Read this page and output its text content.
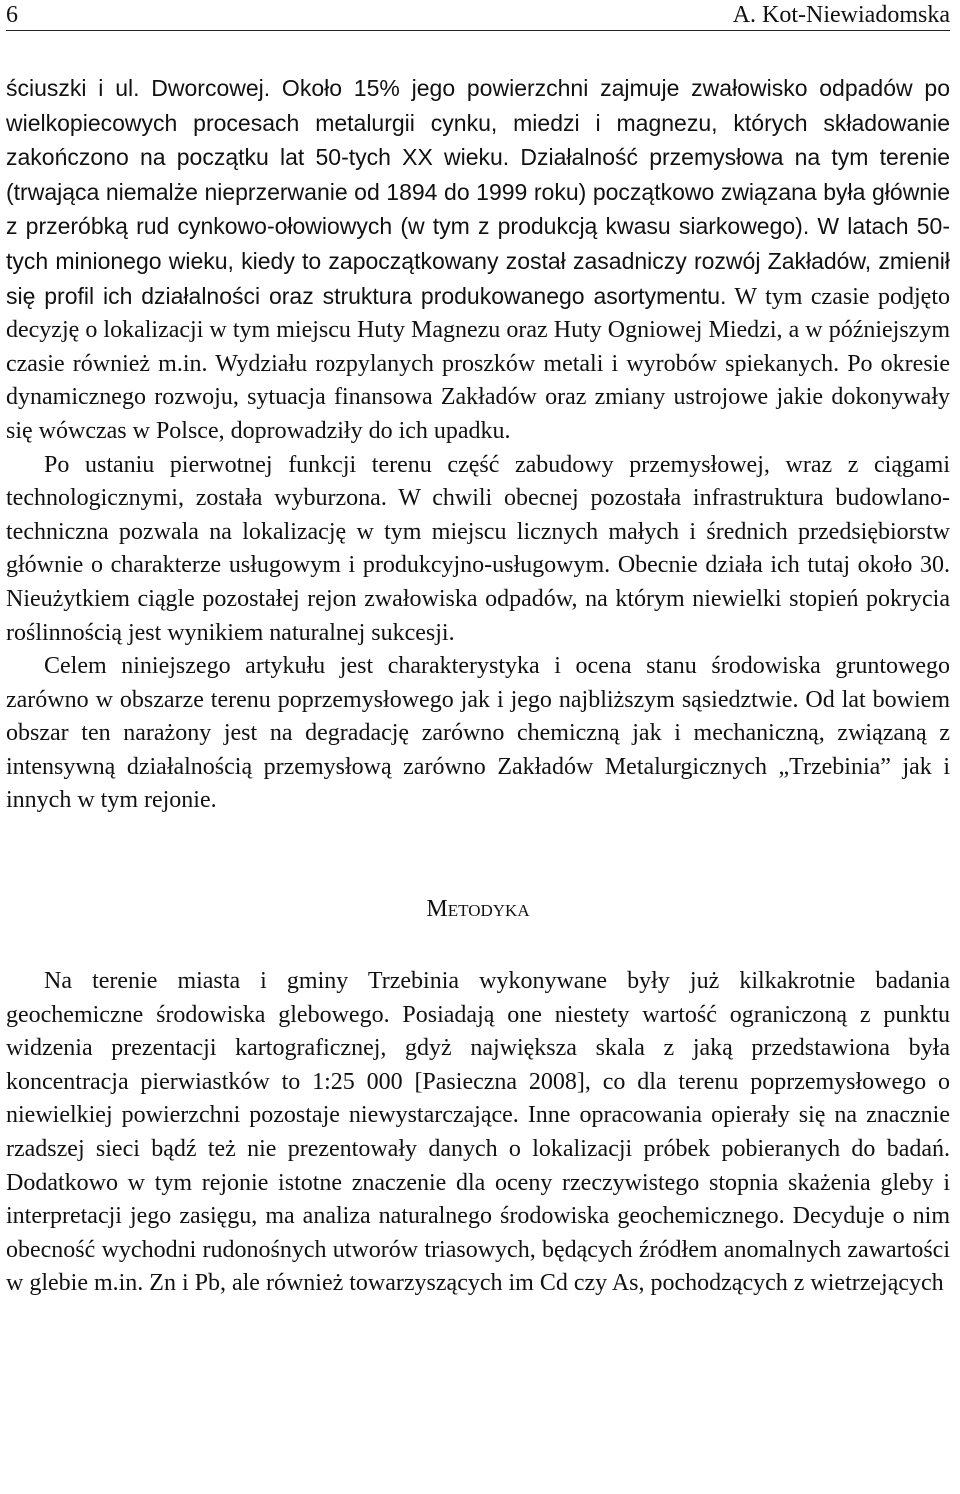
6	A. Kot-Niewiadomska

ściuszki i ul. Dworcowej. Około 15% jego powierzchni zajmuje zwałowisko odpadów po wielkopiecowych procesach metalurgii cynku, miedzi i magnezu, których składowanie zakończono na początku lat 50-tych XX wieku. Działalność przemysłowa na tym terenie (trwająca niemalże nieprzerwanie od 1894 do 1999 roku) początkowo związana była głównie z przeróbką rud cynkowo-ołowiowych (w tym z produkcją kwasu siarkowego). W latach 50-tych minionego wieku, kiedy to zapoczątkowany został zasadniczy rozwój Zakładów, zmienił się profil ich działalności oraz struktura produkowanego asortymentu. W tym czasie podjęto decyzję o lokalizacji w tym miejscu Huty Magnezu oraz Huty Ogniowej Miedzi, a w późniejszym czasie również m.in. Wydziału rozpylanych proszków metali i wyrobów spiekanych. Po okresie dynamicznego rozwoju, sytuacja finansowa Zakładów oraz zmiany ustrojowe jakie dokonywały się wówczas w Polsce, doprowadziły do ich upadku.

Po ustaniu pierwotnej funkcji terenu część zabudowy przemysłowej, wraz z ciągami technologicznymi, została wyburzona. W chwili obecnej pozostała infrastruktura budowlano-techniczna pozwala na lokalizację w tym miejscu licznych małych i średnich przedsiębiorstw głównie o charakterze usługowym i produkcyjno-usługowym. Obecnie działa ich tutaj około 30. Nieużytkiem ciągle pozostałej rejon zwałowiska odpadów, na którym niewielki stopień pokrycia roślinnością jest wynikiem naturalnej sukcesji.

Celem niniejszego artykułu jest charakterystyka i ocena stanu środowiska gruntowego zarówno w obszarze terenu poprzemysłowego jak i jego najbliższym sąsiedztwie. Od lat bowiem obszar ten narażony jest na degradację zarówno chemiczną jak i mechaniczną, związaną z intensywną działalnością przemysłową zarówno Zakładów Metalurgicznych „Trzebinia” jak i innych w tym rejonie.

Metodyka

Na terenie miasta i gminy Trzebinia wykonywane były już kilkakrotnie badania geochemiczne środowiska glebowego. Posiadają one niestety wartość ograniczoną z punktu widzenia prezentacji kartograficznej, gdyż największa skala z jaką przedstawiona była koncentracja pierwiastków to 1:25 000 [Pasieczna 2008], co dla terenu poprzemysłowego o niewielkiej powierzchni pozostaje niewystarczające. Inne opracowania opierały się na znacznie rzadszej sieci bądź też nie prezentowały danych o lokalizacji próbek pobieranych do badań. Dodatkowo w tym rejonie istotne znaczenie dla oceny rzeczywistego stopnia skażenia gleby i interpretacji jego zasięgu, ma analiza naturalnego środowiska geochemicznego. Decyduje o nim obecność wychodni rudonośnych utworów triasowych, będących źródłem anomalnych zawartości w glebie m.in. Zn i Pb, ale również towarzyszących im Cd czy As, pochodzących z wietrzejących
